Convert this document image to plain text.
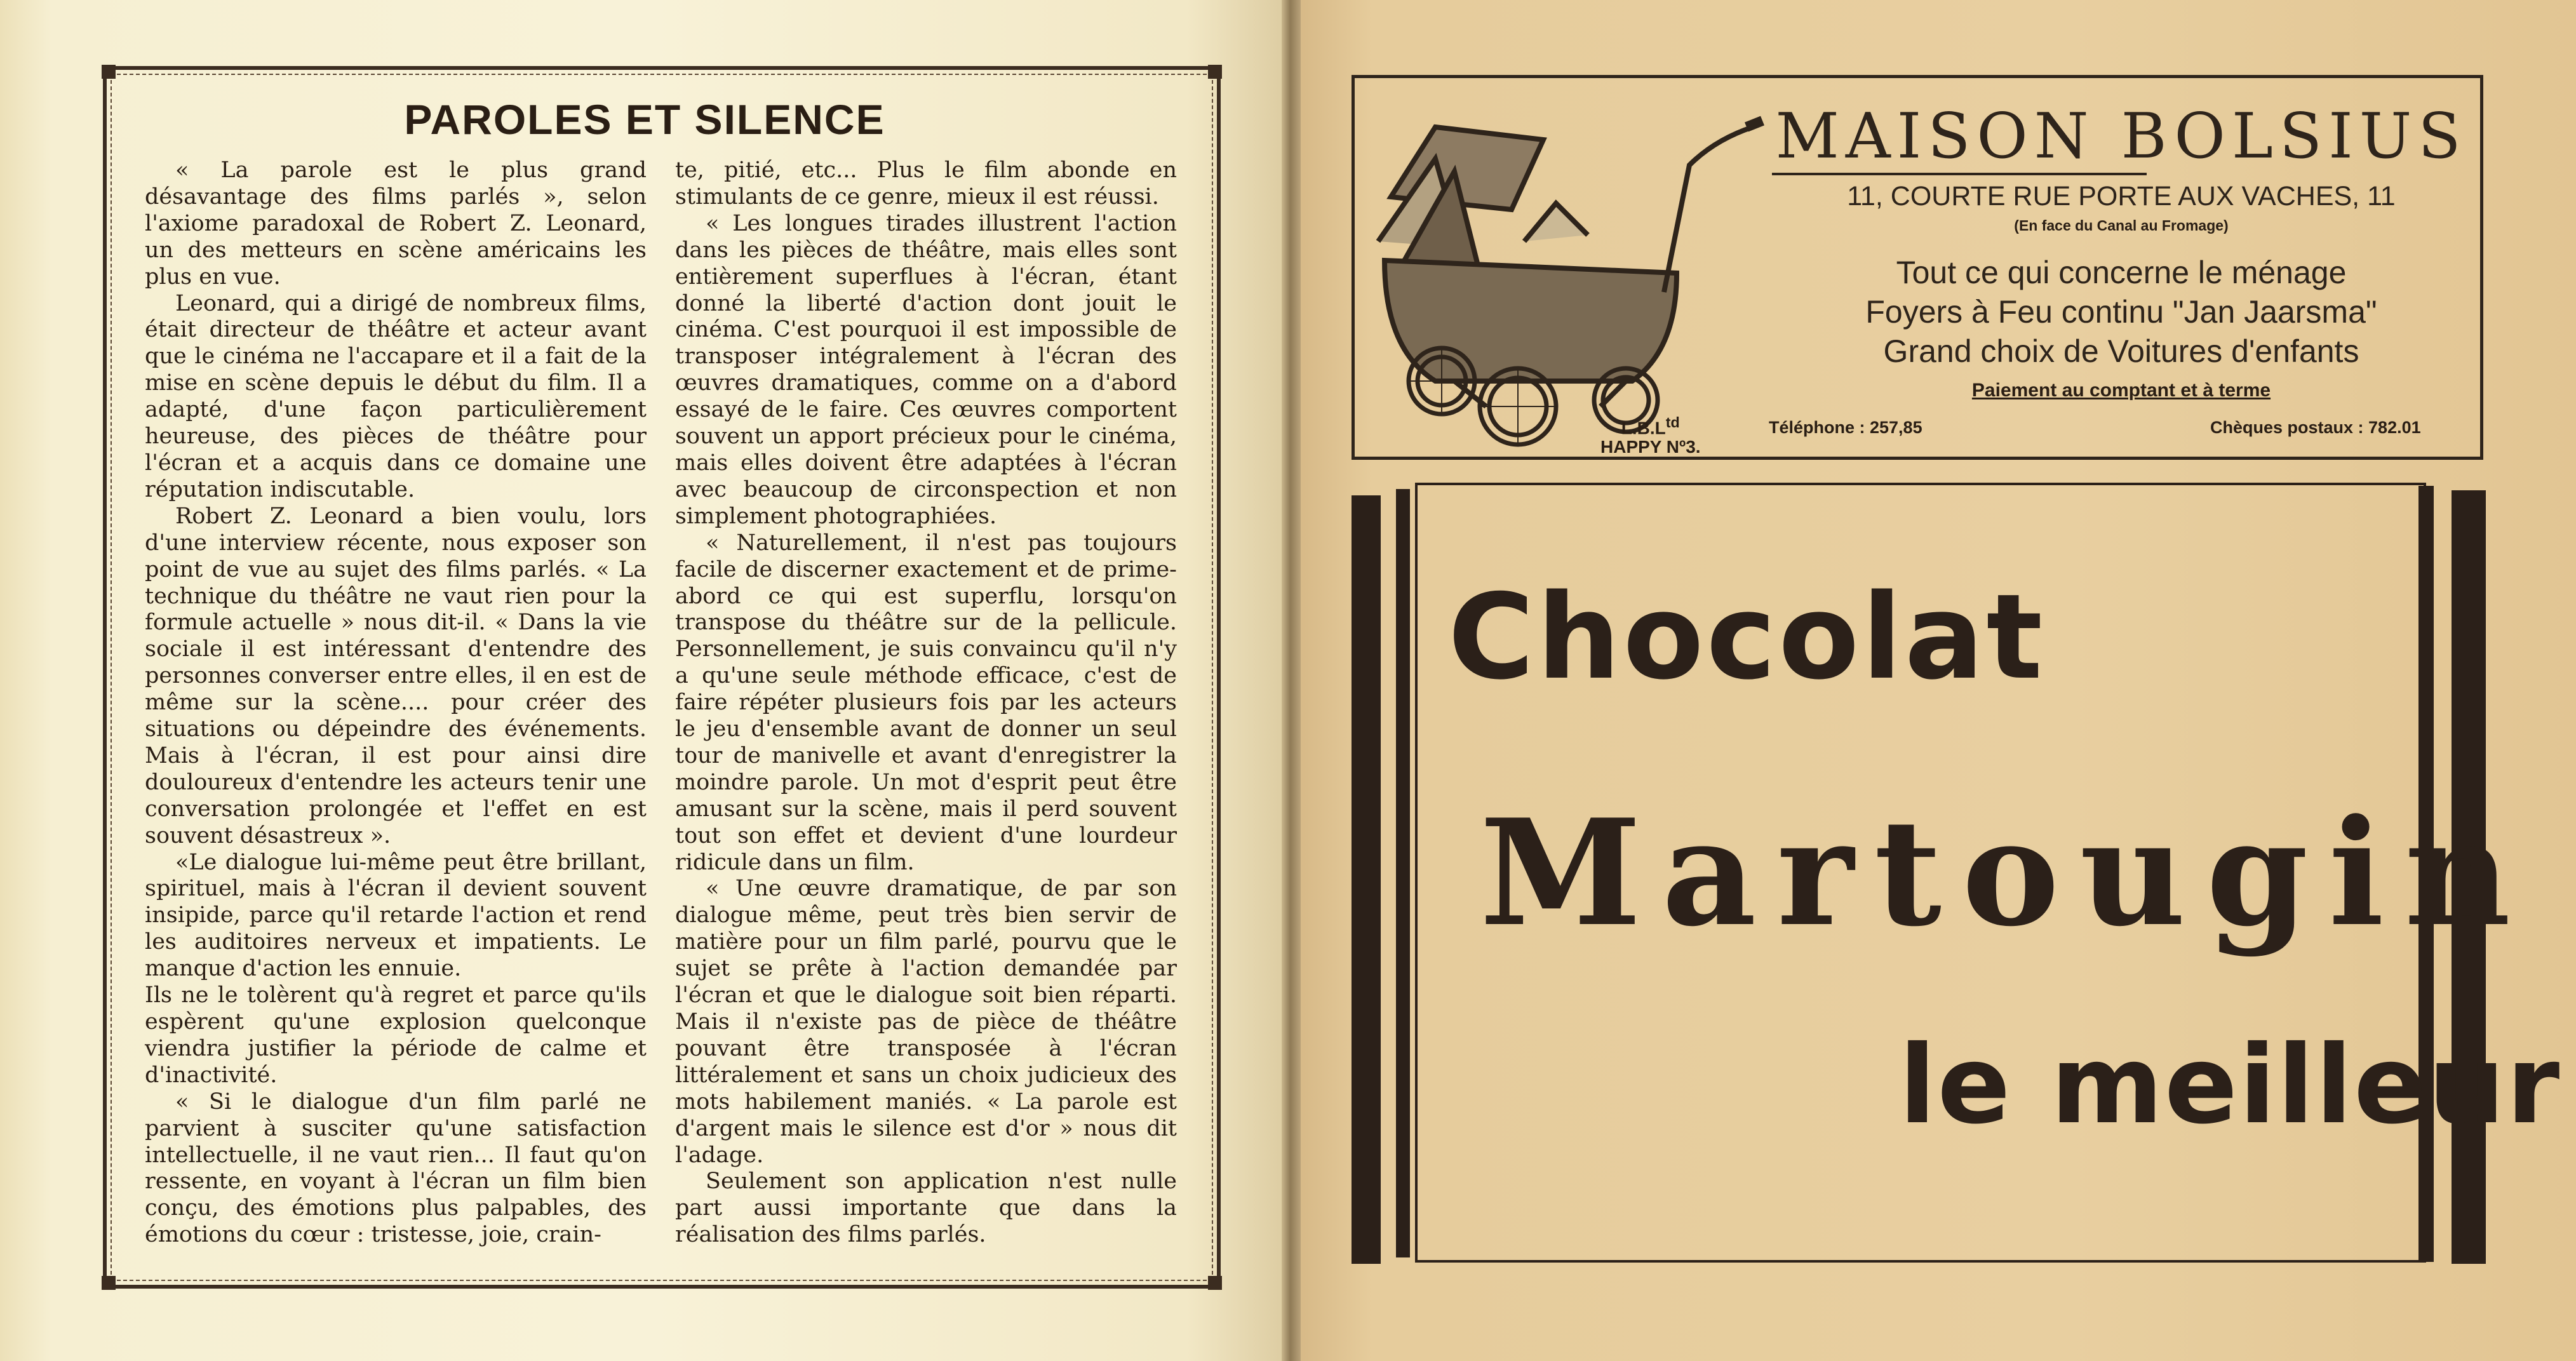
PAROLES ET SILENCE

« La parole est le plus grand désavantage des films parlés », selon l'axiome paradoxal de Robert Z. Leonard, un des metteurs en scène américains les plus en vue.

Leonard, qui a dirigé de nombreux films, était directeur de théâtre et acteur avant que le cinéma ne l'accapare et il a fait de la mise en scène depuis le début du film. Il a adapté, d'une façon particulièrement heureuse, des pièces de théâtre pour l'écran et a acquis dans ce domaine une réputation indiscutable.

Robert Z. Leonard a bien voulu, lors d'une interview récente, nous exposer son point de vue au sujet des films parlés. « La technique du théâtre ne vaut rien pour la formule actuelle » nous dit-il. « Dans la vie sociale il est intéressant d'entendre des personnes converser entre elles, il en est de même sur la scène.... pour créer des situations ou dépeindre des événements. Mais à l'écran, il est pour ainsi dire douloureux d'entendre les acteurs tenir une conversation prolongée et l'effet en est souvent désastreux ».

«Le dialogue lui-même peut être brillant, spirituel, mais à l'écran il devient souvent insipide, parce qu'il retarde l'action et rend les auditoires nerveux et impatients. Le manque d'action les ennuie.

Ils ne le tolèrent qu'à regret et parce qu'ils espèrent qu'une explosion quelconque viendra justifier la période de calme et d'inactivité.

« Si le dialogue d'un film parlé ne parvient à susciter qu'une satisfaction intellectuelle, il ne vaut rien... Il faut qu'on ressente, en voyant à l'écran un film bien conçu, des émotions plus palpables, des émotions du cœur : tristesse, joie, crain-

te, pitié, etc... Plus le film abonde en stimulants de ce genre, mieux il est réussi.

« Les longues tirades illustrent l'action dans les pièces de théâtre, mais elles sont entièrement superflues à l'écran, étant donné la liberté d'action dont jouit le cinéma. C'est pourquoi il est impossible de transposer intégralement à l'écran des œuvres dramatiques, comme on a d'abord essayé de le faire. Ces œuvres comportent souvent un apport précieux pour le cinéma, mais elles doivent être adaptées à l'écran avec beaucoup de circonspection et non simplement photographiées.

« Naturellement, il n'est pas toujours facile de discerner exactement et de prime-abord ce qui est superflu, lorsqu'on transpose du théâtre sur de la pellicule. Personnellement, je suis convaincu qu'il n'y a qu'une seule méthode efficace, c'est de faire répéter plusieurs fois par les acteurs le jeu d'ensemble avant de donner un seul tour de manivelle et avant d'enregistrer la moindre parole. Un mot d'esprit peut être amusant sur la scène, mais il perd souvent tout son effet et devient d'une lourdeur ridicule dans un film.

« Une œuvre dramatique, de par son dialogue même, peut très bien servir de matière pour un film parlé, pourvu que le sujet se prête à l'action demandée par l'écran et que le dialogue soit bien réparti. Mais il n'existe pas de pièce de théâtre pouvant être transposée à l'écran littéralement et sans un choix judicieux des mots habilement maniés. « La parole est d'argent mais le silence est d'or » nous dit l'adage.

Seulement son application n'est nulle part aussi importante que dans la réalisation des films parlés.

$L.B.L^{td}$
HAPPY Nº3.
MAISON BOLSIUS
11, COURTE RUE PORTE AUX VACHES, 11
(En face du Canal au Fromage)
Tout ce qui concerne le ménage
Foyers à Feu continu "Jan Jaarsma"
Grand choix de Voitures d'enfants
Paiement au comptant et à terme
Téléphone : 257,85	Chèques postaux : 782.01
Chocolat
Martougin
le meilleur
